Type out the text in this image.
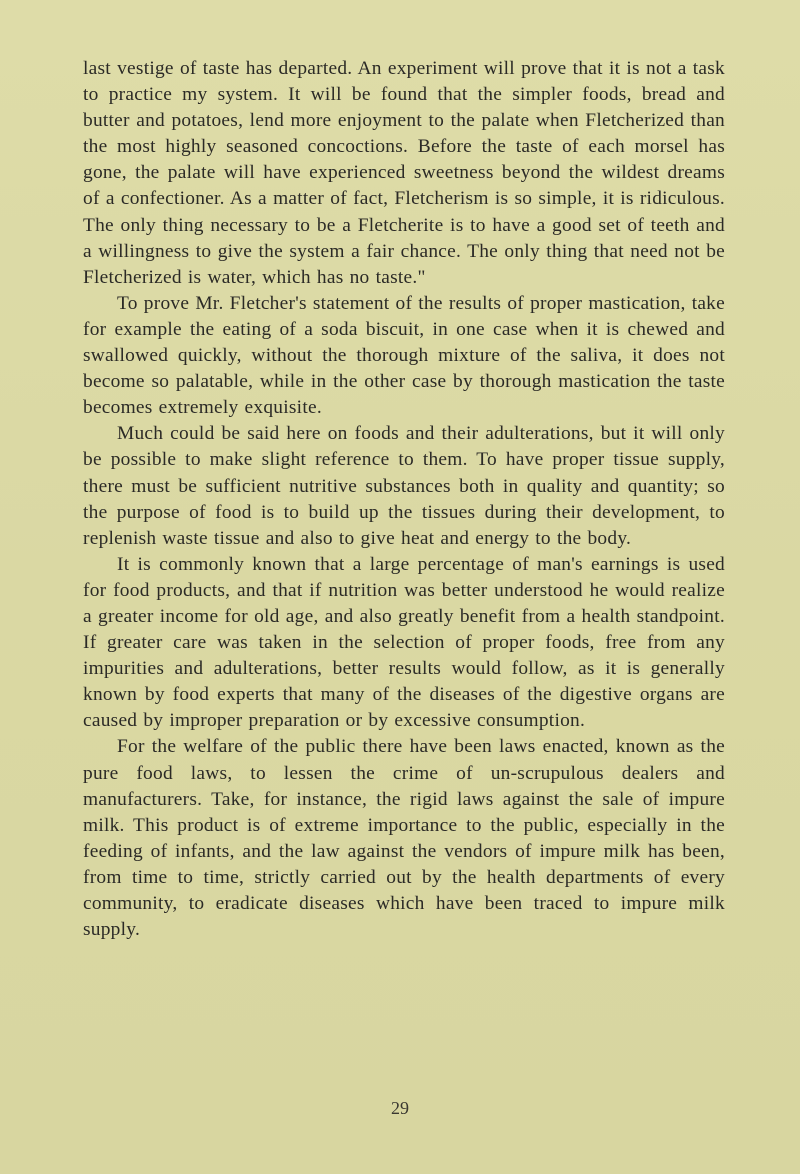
last vestige of taste has departed. An experiment will prove that it is not a task to practice my system. It will be found that the simpler foods, bread and butter and potatoes, lend more enjoyment to the palate when Fletcherized than the most highly seasoned concoctions. Before the taste of each morsel has gone, the palate will have experienced sweetness beyond the wildest dreams of a confectioner. As a matter of fact, Fletcherism is so simple, it is ridiculous. The only thing necessary to be a Fletcherite is to have a good set of teeth and a willingness to give the system a fair chance. The only thing that need not be Fletcherized is water, which has no taste."

To prove Mr. Fletcher's statement of the results of proper mastication, take for example the eating of a soda biscuit, in one case when it is chewed and swallowed quickly, without the thorough mixture of the saliva, it does not become so palatable, while in the other case by thorough mastication the taste becomes extremely exquisite.

Much could be said here on foods and their adulterations, but it will only be possible to make slight reference to them. To have proper tissue supply, there must be sufficient nutritive substances both in quality and quantity; so the purpose of food is to build up the tissues during their development, to replenish waste tissue and also to give heat and energy to the body.

It is commonly known that a large percentage of man's earnings is used for food products, and that if nutrition was better understood he would realize a greater income for old age, and also greatly benefit from a health standpoint. If greater care was taken in the selection of proper foods, free from any impurities and adulterations, better results would follow, as it is generally known by food experts that many of the diseases of the digestive organs are caused by improper preparation or by excessive consumption.

For the welfare of the public there have been laws enacted, known as the pure food laws, to lessen the crime of un-scrupulous dealers and manufacturers. Take, for instance, the rigid laws against the sale of impure milk. This product is of extreme importance to the public, especially in the feeding of infants, and the law against the vendors of impure milk has been, from time to time, strictly carried out by the health departments of every community, to eradicate diseases which have been traced to impure milk supply.

29
